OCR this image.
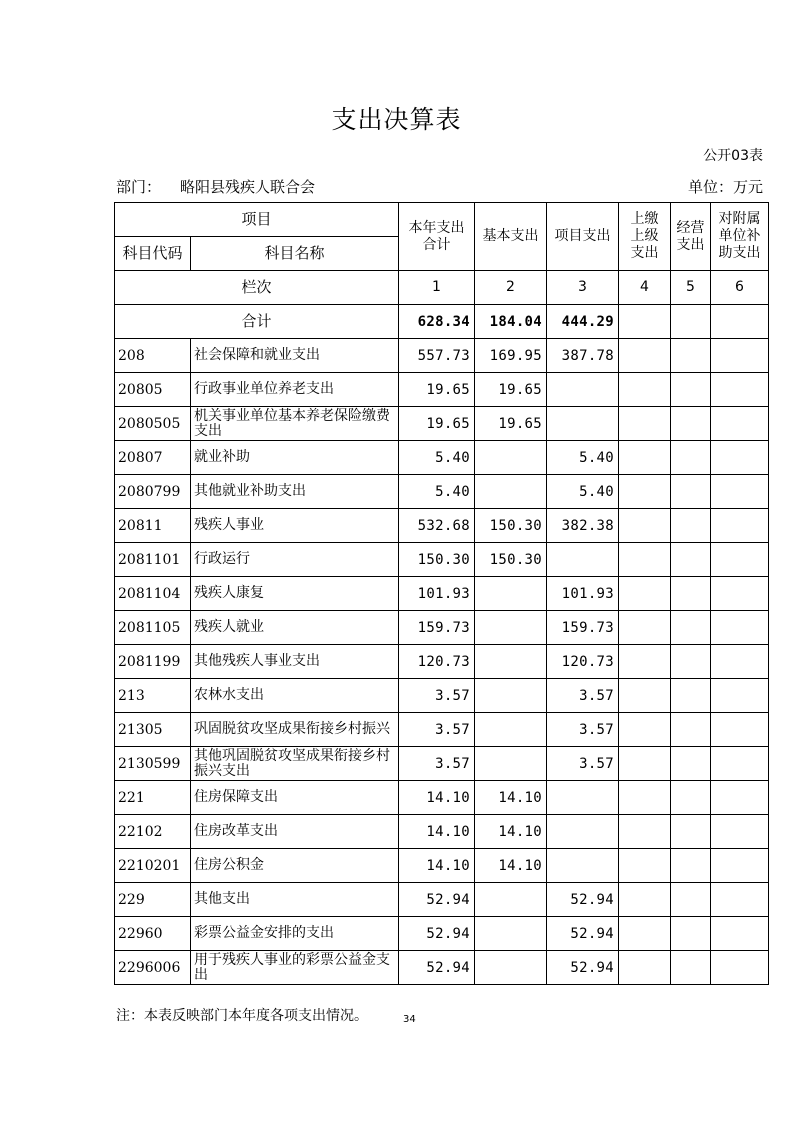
支出决算表
公开03表
部门： 略阳县残疾人联合会	单位：万元
项目		本年支出合计	基本支出	项目支出	上缴上级支出	经营支出	对附属单位补助支出
科目代码	科目名称						
栏次		1	2	3	4	5	6
合计		628.34	184.04	444.29			
208	社会保障和就业支出	557.73	169.95	387.78			
20805	行政事业单位养老支出	19.65	19.65				
2080505	机关事业单位基本养老保险缴费支出	19.65	19.65				
20807	就业补助	5.40		5.40			
2080799	其他就业补助支出	5.40		5.40			
20811	残疾人事业	532.68	150.30	382.38			
2081101	行政运行	150.30	150.30				
2081104	残疾人康复	101.93		101.93			
2081105	残疾人就业	159.73		159.73			
2081199	其他残疾人事业支出	120.73		120.73			
213	农林水支出	3.57		3.57			
21305	巩固脱贫攻坚成果衔接乡村振兴	3.57		3.57			
2130599	其他巩固脱贫攻坚成果衔接乡村振兴支出	3.57		3.57			
221	住房保障支出	14.10	14.10				
22102	住房改革支出	14.10	14.10				
2210201	住房公积金	14.10	14.10				
229	其他支出	52.94		52.94			
22960	彩票公益金安排的支出	52.94		52.94			
2296006	用于残疾人事业的彩票公益金支出	52.94		52.94			
注：本表反映部门本年度各项支出情况。	34
